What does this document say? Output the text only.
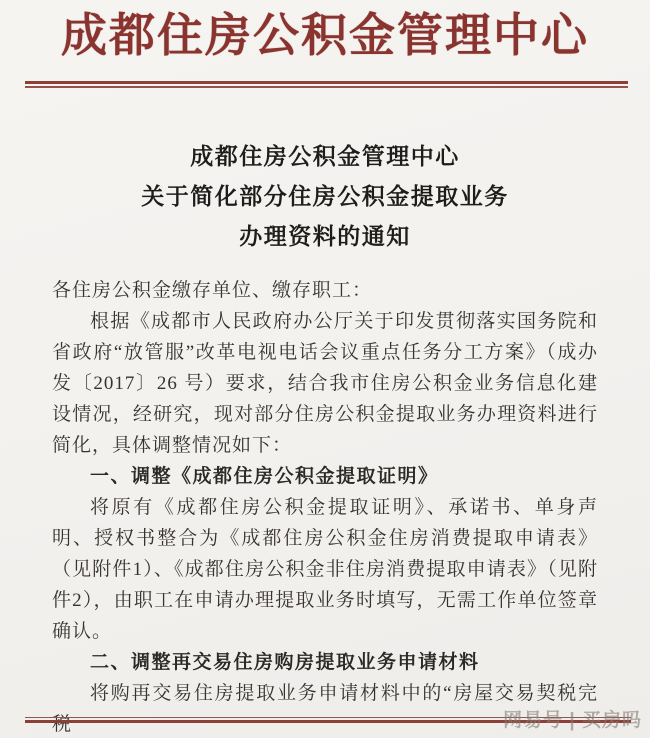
成都住房公积金管理中心
成都住房公积金管理中心
关于简化部分住房公积金提取业务
办理资料的通知

各住房公积金缴存单位、缴存职工：

根据《成都市人民政府办公厅关于印发贯彻落实国务院和省政府“放管服”改革电视电话会议重点任务分工方案》（成办发〔2017〕26 号）要求，结合我市住房公积金业务信息化建设情况，经研究，现对部分住房公积金提取业务办理资料进行简化，具体调整情况如下：

一、调整《成都住房公积金提取证明》

将原有《成都住房公积金提取证明》、承诺书、单身声明、授权书整合为《成都住房公积金住房消费提取申请表》（见附件1）、《成都住房公积金非住房消费提取申请表》（见附件2），由职工在申请办理提取业务时填写，无需工作单位签章确认。

二、调整再交易住房购房提取业务申请材料

将购再交易住房提取业务申请材料中的“房屋交易契税完税	网易号 | 买房吗
